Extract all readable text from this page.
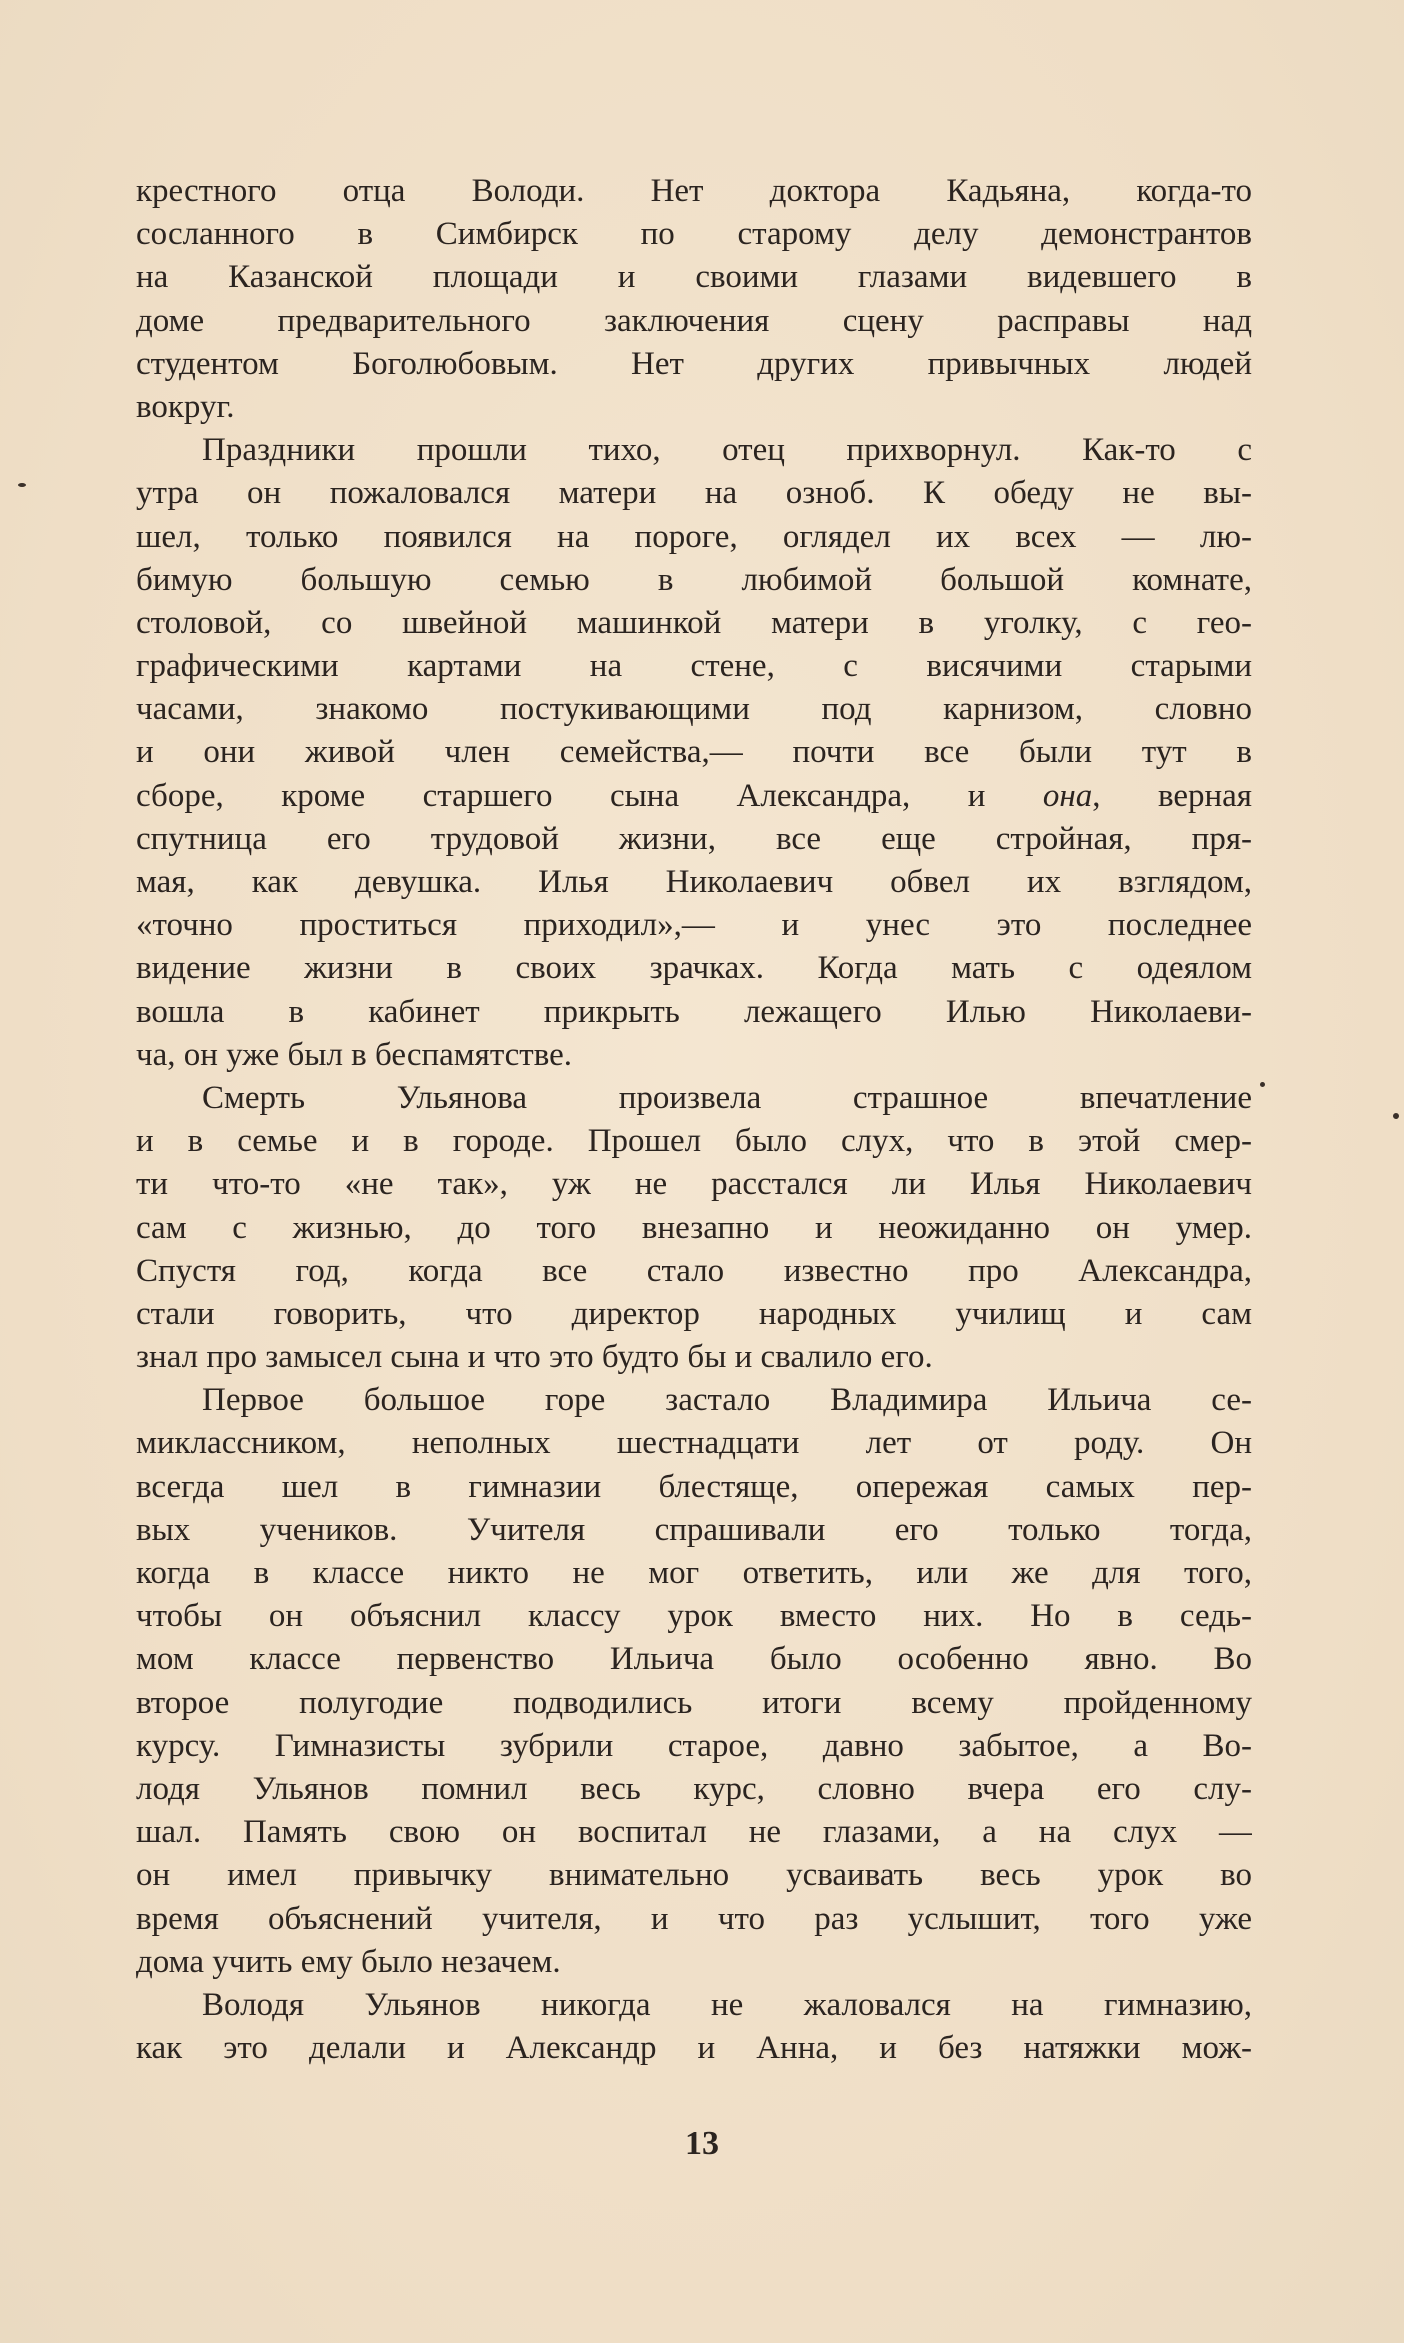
крестного отца Володи. Нет доктора Кадьяна, когда-то
сосланного в Симбирск по старому делу демонстрантов
на Казанской площади и своими глазами видевшего в
доме предварительного заключения сцену расправы над
студентом Боголюбовым. Нет других привычных людей
вокруг.
Праздники прошли тихо, отец прихворнул. Как-то с
утра он пожаловался матери на озноб. К обеду не вы-
шел, только появился на пороге, оглядел их всех — лю-
бимую большую семью в любимой большой комнате,
столовой, со швейной машинкой матери в уголку, с гео-
графическими картами на стене, с висячими старыми
часами, знакомо постукивающими под карнизом, словно
и они живой член семейства,— почти все были тут в
сборе, кроме старшего сына Александра, и она, верная
спутница его трудовой жизни, все еще стройная, пря-
мая, как девушка. Илья Николаевич обвел их взглядом,
«точно проститься приходил»,— и унес это последнее
видение жизни в своих зрачках. Когда мать с одеялом
вошла в кабинет прикрыть лежащего Илью Николаеви-
ча, он уже был в беспамятстве.
Смерть Ульянова произвела страшное впечатление
и в семье и в городе. Прошел было слух, что в этой смер-
ти что-то «не так», уж не расстался ли Илья Николаевич
сам с жизнью, до того внезапно и неожиданно он умер.
Спустя год, когда все стало известно про Александра,
стали говорить, что директор народных училищ и сам
знал про замысел сына и что это будто бы и свалило его.
Первое большое горе застало Владимира Ильича се-
миклассником, неполных шестнадцати лет от роду. Он
всегда шел в гимназии блестяще, опережая самых пер-
вых учеников. Учителя спрашивали его только тогда,
когда в классе никто не мог ответить, или же для того,
чтобы он объяснил классу урок вместо них. Но в седь-
мом классе первенство Ильича было особенно явно. Во
второе полугодие подводились итоги всему пройденному
курсу. Гимназисты зубрили старое, давно забытое, а Во-
лодя Ульянов помнил весь курс, словно вчера его слу-
шал. Память свою он воспитал не глазами, а на слух —
он имел привычку внимательно усваивать весь урок во
время объяснений учителя, и что раз услышит, того уже
дома учить ему было незачем.
Володя Ульянов никогда не жаловался на гимназию,
как это делали и Александр и Анна, и без натяжки мож-
13
